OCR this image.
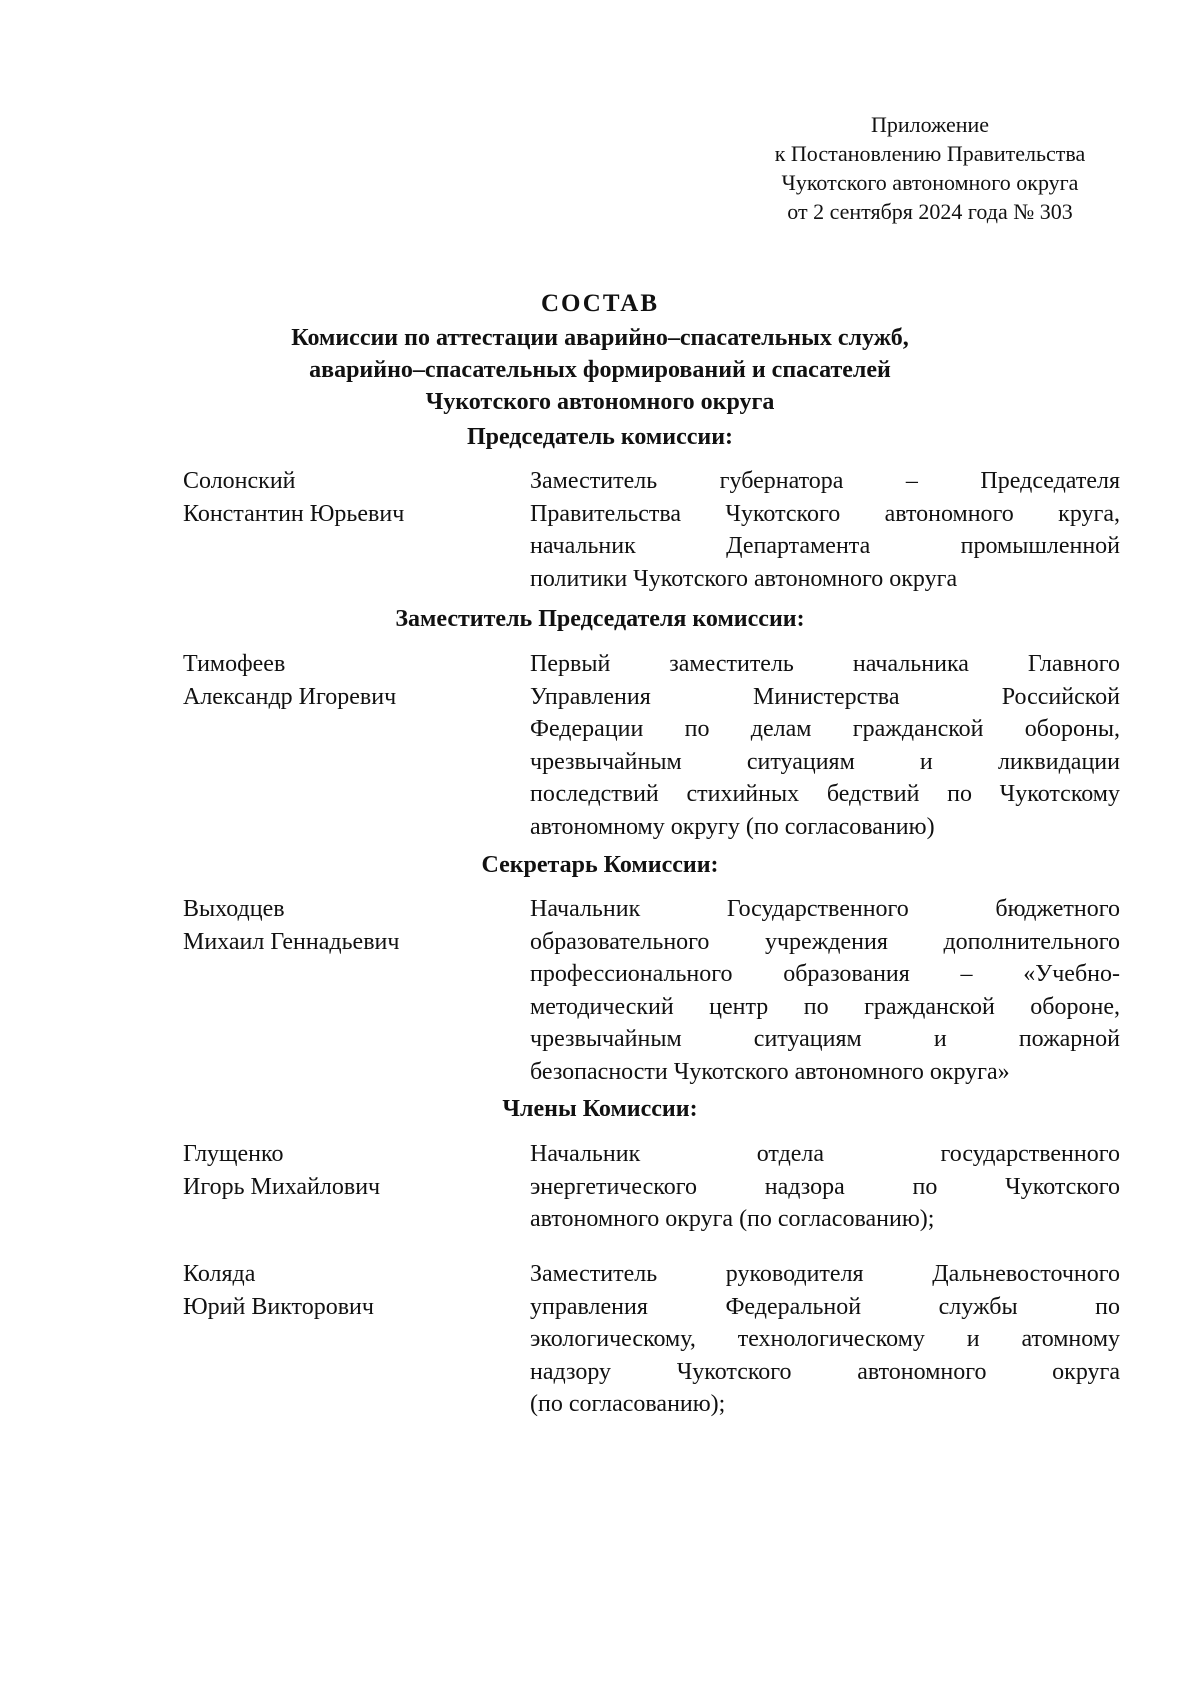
Приложение
к Постановлению Правительства
Чукотского автономного округа
от 2 сентября 2024 года № 303
СОСТАВ
Комиссии по аттестации аварийно–спасательных служб,
аварийно–спасательных формирований и спасателей
Чукотского автономного округа
Председатель комиссии:
Солонский
Константин Юрьевич
Заместитель губернатора – Председателя
Правительства Чукотского автономного круга,
начальник Департамента промышленной
политики Чукотского автономного округа
Заместитель Председателя комиссии:
Тимофеев
Александр Игоревич
Первый заместитель начальника Главного
Управления Министерства Российской
Федерации по делам гражданской обороны,
чрезвычайным ситуациям и ликвидации
последствий стихийных бедствий по Чукотскому
автономному округу (по согласованию)
Секретарь Комиссии:
Выходцев
Михаил Геннадьевич
Начальник Государственного бюджетного
образовательного учреждения дополнительного
профессионального образования – «Учебно-
методический центр по гражданской обороне,
чрезвычайным ситуациям и пожарной
безопасности Чукотского автономного округа»
Члены Комиссии:
Глущенко
Игорь Михайлович
Начальник отдела государственного
энергетического надзора по Чукотского
автономного округа (по согласованию);
Коляда
Юрий Викторович
Заместитель руководителя Дальневосточного
управления Федеральной службы по
экологическому, технологическому и атомному
надзору Чукотского автономного округа
(по согласованию);
